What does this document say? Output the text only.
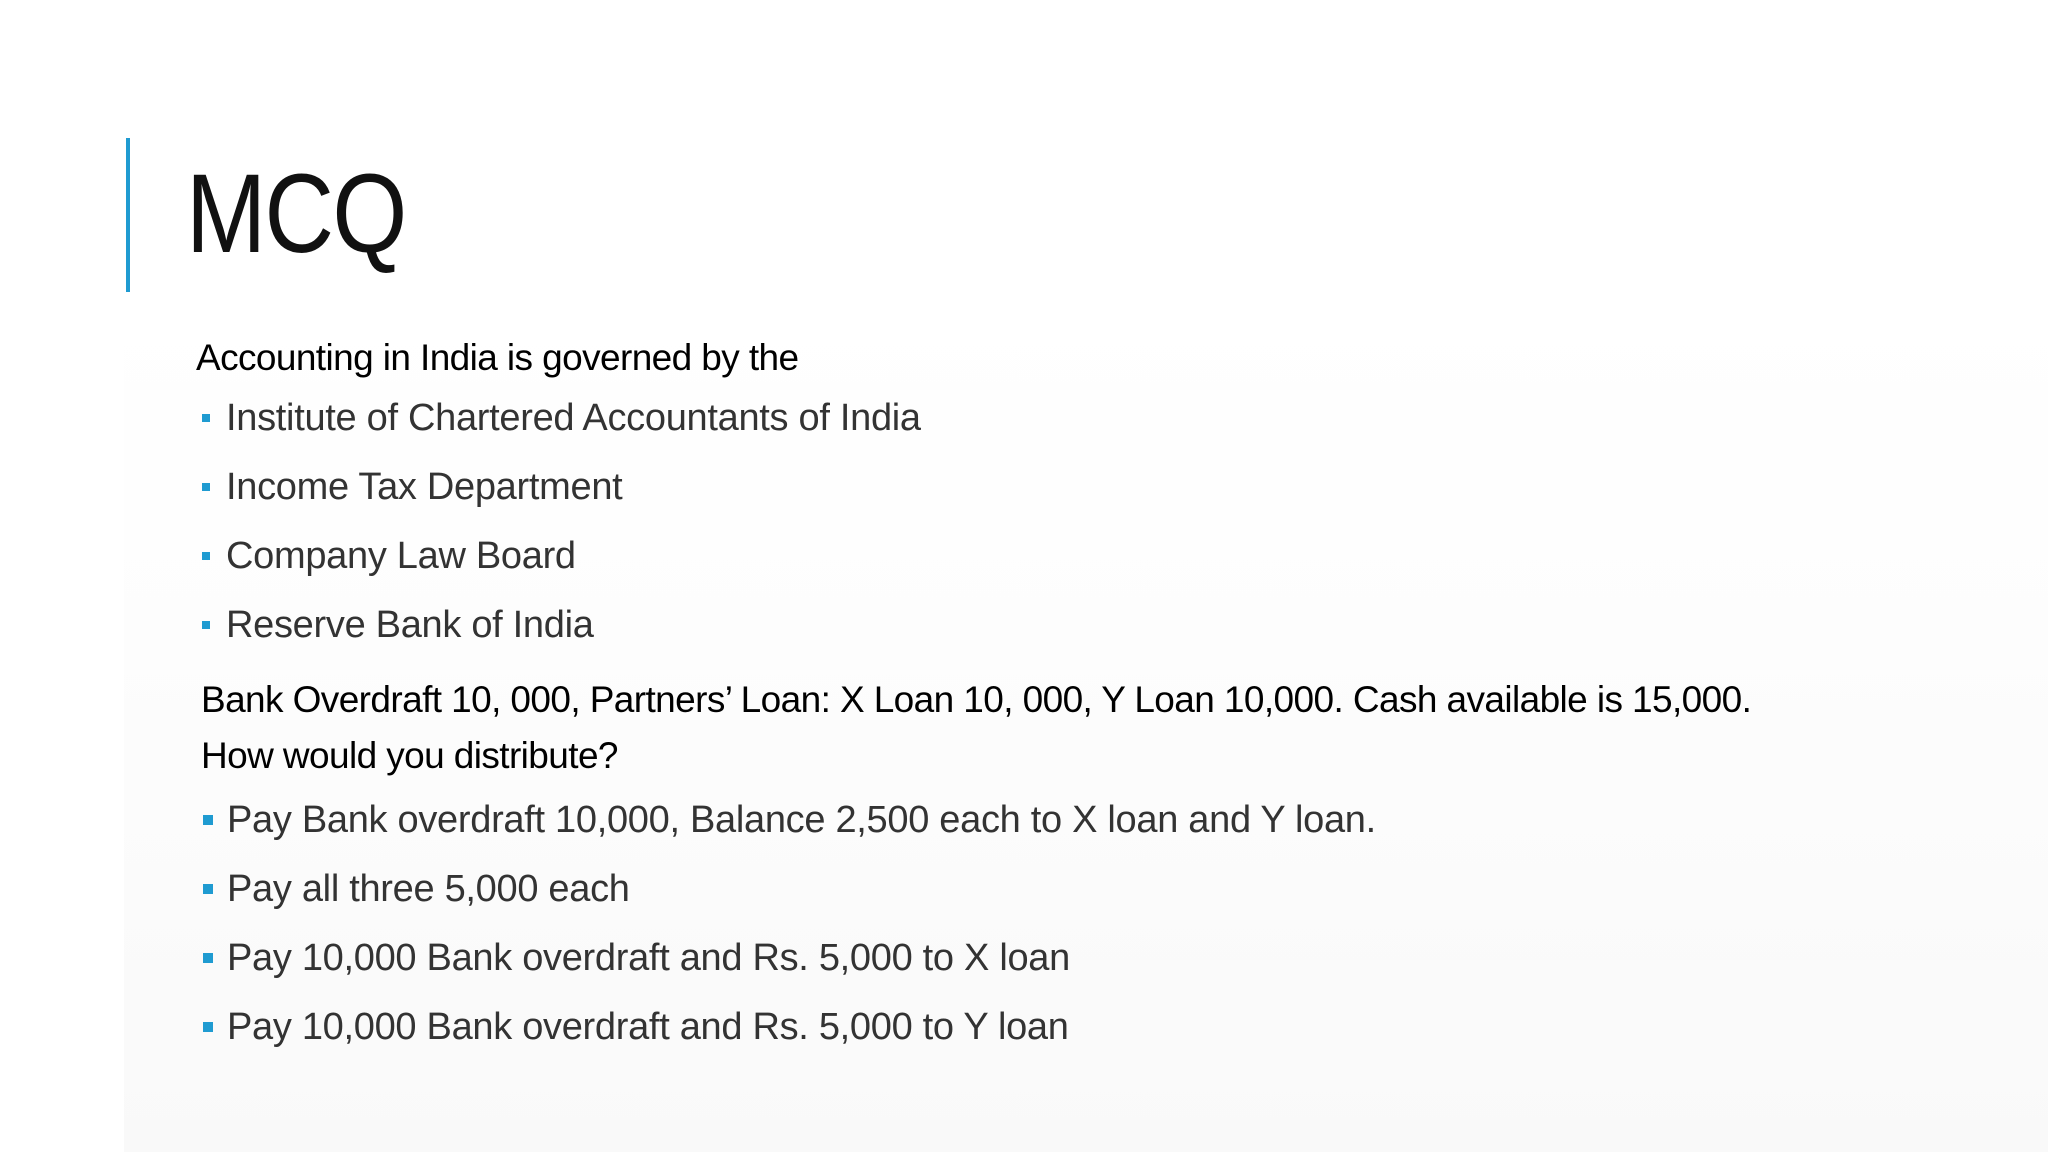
MCQ

Accounting in India is governed by the

Institute of Chartered Accountants of India
Income Tax Department
Company Law Board
Reserve Bank of India

Bank Overdraft 10, 000, Partners’ Loan: X Loan 10, 000, Y Loan 10,000. Cash available is 15,000.
How would you distribute?

Pay Bank overdraft 10,000, Balance 2,500 each to X loan and Y loan.
Pay all three 5,000 each
Pay 10,000 Bank overdraft and Rs. 5,000 to X loan
Pay 10,000 Bank overdraft and Rs. 5,000 to Y loan
